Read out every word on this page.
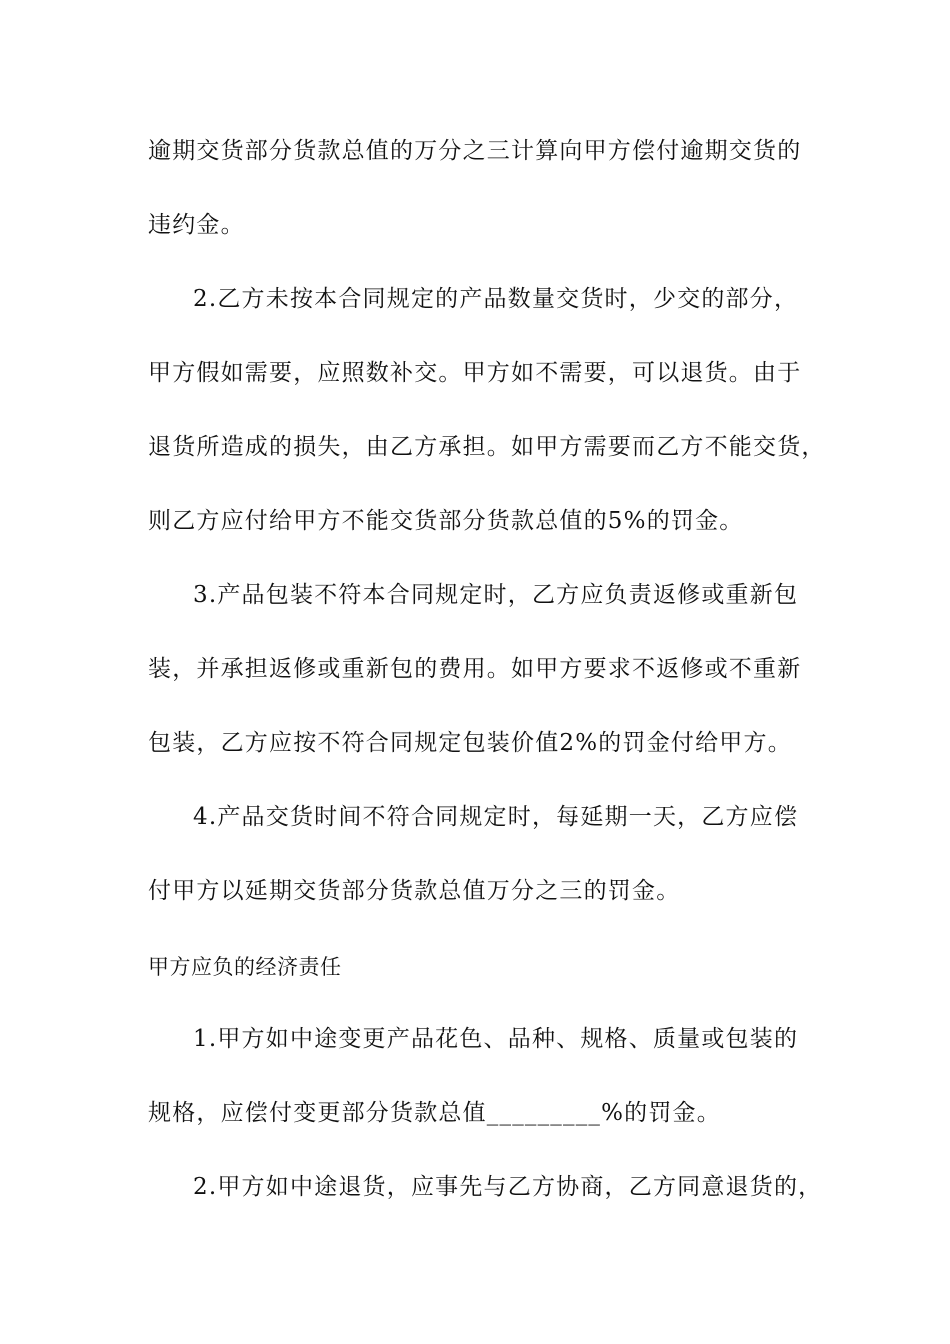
逾期交货部分货款总值的万分之三计算向甲方偿付逾期交货的

违约金。

2.乙方未按本合同规定的产品数量交货时，少交的部分，

甲方假如需要，应照数补交。甲方如不需要，可以退货。由于

退货所造成的损失，由乙方承担。如甲方需要而乙方不能交货，

则乙方应付给甲方不能交货部分货款总值的5%的罚金。

3.产品包装不符本合同规定时，乙方应负责返修或重新包

装，并承担返修或重新包的费用。如甲方要求不返修或不重新

包装，乙方应按不符合同规定包装价值2%的罚金付给甲方。

4.产品交货时间不符合同规定时，每延期一天，乙方应偿

付甲方以延期交货部分货款总值万分之三的罚金。

甲方应负的经济责任

1.甲方如中途变更产品花色、品种、规格、质量或包装的

规格，应偿付变更部分货款总值_________%的罚金。

2.甲方如中途退货，应事先与乙方协商，乙方同意退货的，
